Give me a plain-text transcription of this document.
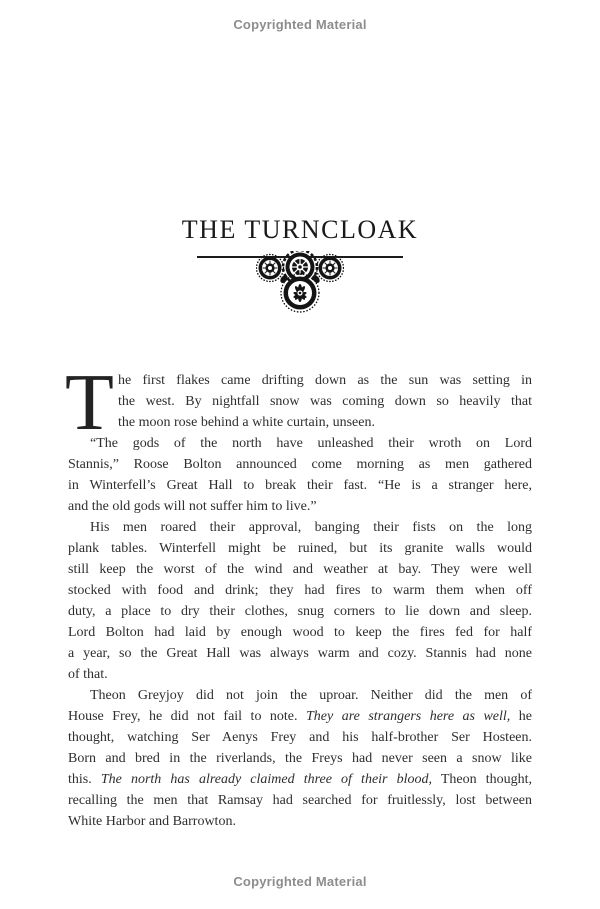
Copyrighted Material
THE TURNCLOAK
T he first flakes came drifting down as the sun was setting in
the west. By nightfall snow was coming down so heavily that
the moon rose behind a white curtain, unseen.
“The gods of the north have unleashed their wroth on Lord
Stannis,” Roose Bolton announced come morning as men gathered
in Winterfell’s Great Hall to break their fast. “He is a stranger here,
and the old gods will not suffer him to live.”
His men roared their approval, banging their fists on the long
plank tables. Winterfell might be ruined, but its granite walls would
still keep the worst of the wind and weather at bay. They were well
stocked with food and drink; they had fires to warm them when off
duty, a place to dry their clothes, snug corners to lie down and sleep.
Lord Bolton had laid by enough wood to keep the fires fed for half
a year, so the Great Hall was always warm and cozy. Stannis had none
of that.
Theon Greyjoy did not join the uproar. Neither did the men of
House Frey, he did not fail to note. They are strangers here as well, he
thought, watching Ser Aenys Frey and his half-brother Ser Hosteen.
Born and bred in the riverlands, the Freys had never seen a snow like
this. The north has already claimed three of their blood, Theon thought,
recalling the men that Ramsay had searched for fruitlessly, lost between
White Harbor and Barrowton.
Copyrighted Material
